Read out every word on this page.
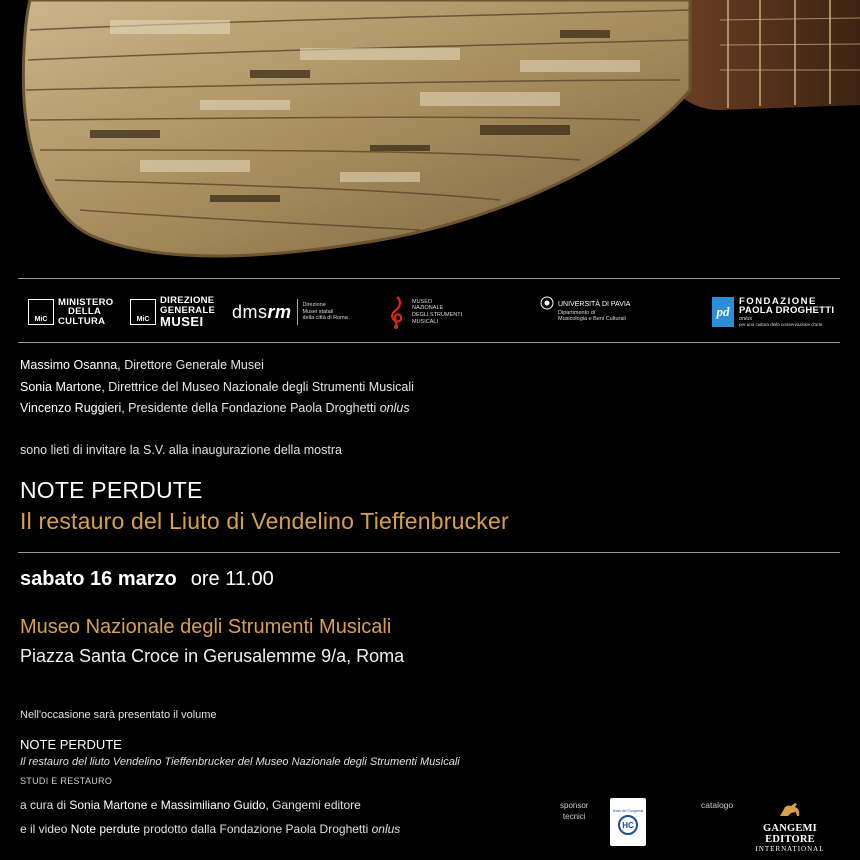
MiC
MINISTERO
DELLA
CULTURA	MiC
DIREZIONE
GENERALE
MUSEI	dmsrm Direzione
Musei statali
della città di Roma
MUSEO
NAZIONALE
DEGLI STRUMENTI
MUSICALI
UNIVERSITÀ DI PAVIA
Dipartimento di
Musicologia e Beni Culturali
pd
FONDAZIONE
PAOLA DROGHETTI
onlus
per una cultura della conservazione d'arte
Massimo Osanna, Direttore Generale Musei
Sonia Martone, Direttrice del Museo Nazionale degli Strumenti Musicali
Vincenzo Ruggieri, Presidente della Fondazione Paola Droghetti onlus
sono lieti di invitare la S.V. alla inaugurazione della mostra
NOTE PERDUTE
Il restauro del Liuto di Vendelino Tieffenbrucker
sabato 16 marzo ore 11.00
Museo Nazionale degli Strumenti Musicali
Piazza Santa Croce in Gerusalemme 9/a, Roma
Nell'occasione sarà presentato il volume
NOTE PERDUTE
Il restauro del liuto Vendelino Tieffenbrucker del Museo Nazionale degli Strumenti Musicali
STUDI E RESTAURO
a cura di Sonia Martone e Massimiliano Guido, Gangemi editore
e il video Note perdute prodotto dalla Fondazione Paola Droghetti onlus
sponsor
tecnici
Hotel dei Congressi
HC
catalogo
GANGEMI EDITORE
INTERNATIONAL
